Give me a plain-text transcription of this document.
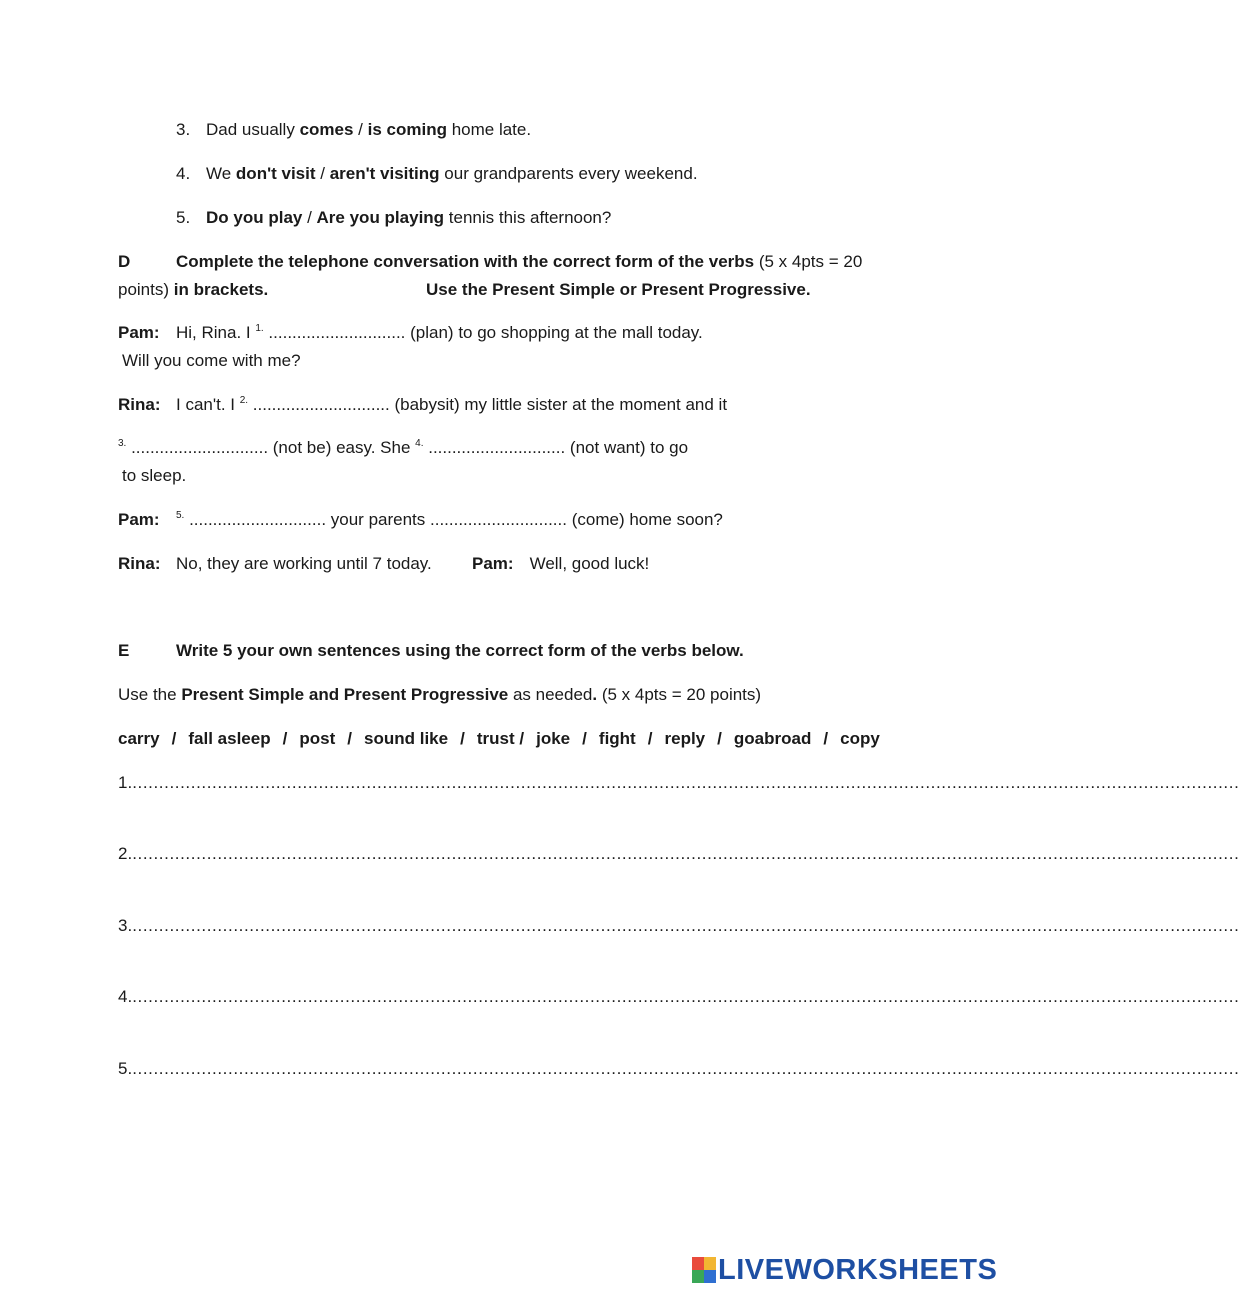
3. Dad usually comes / is coming home late.
4. We don't visit / aren't visiting our grandparents every weekend.
5. Do you play / Are you playing tennis this afternoon?
D	Complete the telephone conversation with the correct form of the verbs (5 x 4pts = 20
points) in brackets.	Use the Present Simple or Present Progressive.
Pam: Hi, Rina. I $^{1.}$ ............................. (plan) to go shopping at the mall today.
Will you come with me?
Rina: I can't. I $^{2.}$ ............................. (babysit) my little sister at the moment and it
$^{3.}$ ............................. (not be) easy. She $^{4.}$ ............................. (not want) to go
to sleep.
Pam: $^{5.}$ ............................. your parents ............................. (come) home soon?
Rina: No, they are working until 7 today. Pam: Well, good luck!
E	Write 5 your own sentences using the correct form of the verbs below.
Use the Present Simple and Present Progressive as needed. (5 x 4pts = 20 points)
carry / fall asleep / post / sound like / trust / joke / fight / reply / goabroad / copy
1.................................................................................................................................................................................................................
2.................................................................................................................................................................................................................
3.................................................................................................................................................................................................................
4.................................................................................................................................................................................................................
5.................................................................................................................................................................................................................
LIVEWORKSHEETS
